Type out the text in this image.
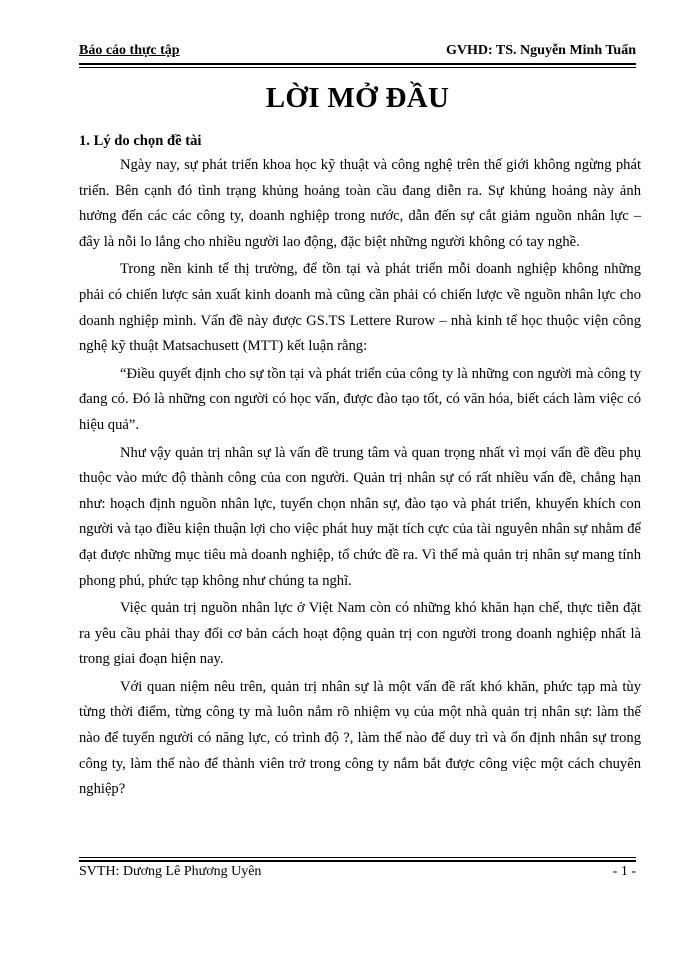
Báo cáo thực tập	GVHD: TS. Nguyễn Minh Tuấn
LỜI MỞ ĐẦU
1. Lý do chọn đề tài

Ngày nay, sự phát triển khoa học kỹ thuật và công nghệ trên thế giới không ngừng phát triển. Bên cạnh đó tình trạng khủng hoảng toàn cầu đang diễn ra. Sự khủng hoảng này ảnh hưởng đến các các công ty, doanh nghiệp trong nước, dẫn đến sự cắt giảm nguồn nhân lực – đây là nỗi lo lắng cho nhiều người lao động, đặc biệt những người không có tay nghề.

Trong nền kinh tế thị trường, để tồn tại và phát triển mỗi doanh nghiệp không những phải có chiến lược sản xuất kinh doanh mà cũng cần phải có chiến lược về nguồn nhân lực cho doanh nghiệp mình. Vấn đề này được GS.TS Lettere Rurow – nhà kinh tế học thuộc viện công nghệ kỹ thuật Matsachusett (MTT) kết luận rằng:

“Điều quyết định cho sự tồn tại và phát triển của công ty là những con người mà công ty đang có. Đó là những con người có học vấn, được đào tạo tốt, có văn hóa, biết cách làm việc có hiệu quả”.

Như vậy quản trị nhân sự là vấn đề trung tâm và quan trọng nhất vì mọi vấn đề đều phụ thuộc vào mức độ thành công của con người. Quản trị nhân sự có rất nhiều vấn đề, chẳng hạn như: hoạch định nguồn nhân lực, tuyển chọn nhân sự, đào tạo và phát triển, khuyến khích con người và tạo điều kiện thuận lợi cho việc phát huy mặt tích cực của tài nguyên nhân sự nhằm để đạt được những mục tiêu mà doanh nghiệp, tổ chức đề ra. Vì thế mà quản trị nhân sự mang tính phong phú, phức tạp không như chúng ta nghĩ.

Việc quản trị nguồn nhân lực ở Việt Nam còn có những khó khăn hạn chế, thực tiễn đặt ra yêu cầu phải thay đổi cơ bản cách hoạt động quản trị con người trong doanh nghiệp nhất là trong giai đoạn hiện nay.

Với quan niệm nêu trên, quản trị nhân sự là một vấn đề rất khó khăn, phức tạp mà tùy từng thời điểm, từng công ty mà luôn nắm rõ nhiệm vụ của một nhà quản trị nhân sự: làm thế nào để tuyển người có năng lực, có trình độ ?, làm thế nào để duy trì và ổn định nhân sự trong công ty, làm thế nào để thành viên trở trong công ty nắm bắt được công việc một cách chuyên nghiệp?

SVTH: Dương Lê Phương Uyên	- 1 -
